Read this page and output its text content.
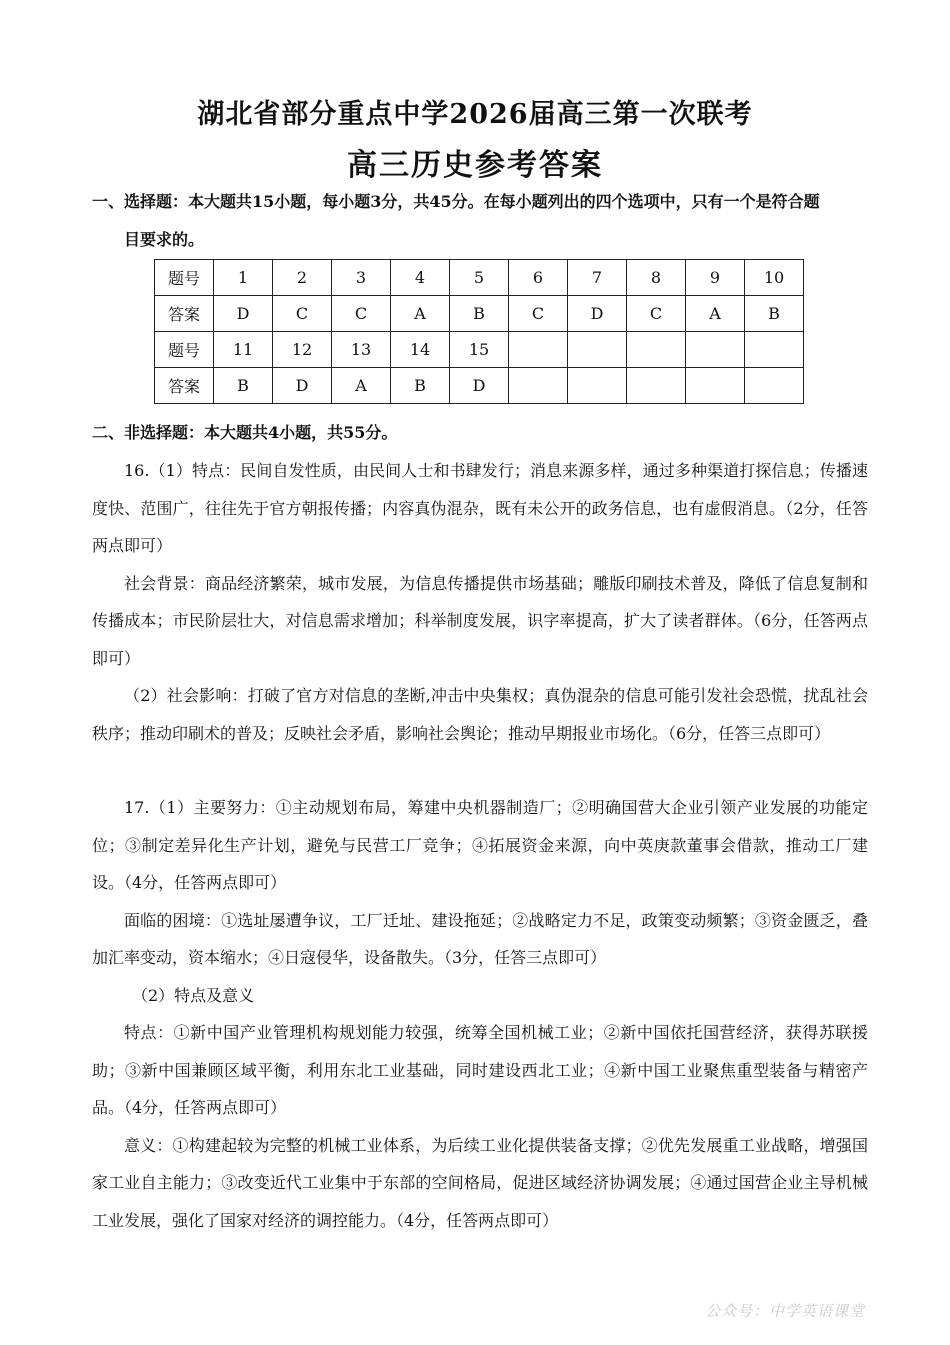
湖北省部分重点中学2026届高三第一次联考
高三历史参考答案
一、选择题：本大题共15小题，每小题3分，共45分。在每小题列出的四个选项中，只有一个是符合题
目要求的。
题号	1	2	3	4	5	6	7	8	9	10
答案	D	C	C	A	B	C	D	C	A	B
题号	11	12	13	14	15					
答案	B	D	A	B	D					
二、非选择题：本大题共4小题，共55分。

16.（1）特点：民间自发性质，由民间人士和书肆发行；消息来源多样，通过多种渠道打探信息；传播速度快、范围广，往往先于官方朝报传播；内容真伪混杂，既有未公开的政务信息，也有虚假消息。（2分，任答两点即可）

社会背景：商品经济繁荣，城市发展，为信息传播提供市场基础；雕版印刷技术普及，降低了信息复制和传播成本；市民阶层壮大，对信息需求增加；科举制度发展，识字率提高，扩大了读者群体。（6分，任答两点即可）

（2）社会影响：打破了官方对信息的垄断,冲击中央集权；真伪混杂的信息可能引发社会恐慌，扰乱社会秩序；推动印刷术的普及；反映社会矛盾，影响社会舆论；推动早期报业市场化。（6分，任答三点即可）

17.（1）主要努力：①主动规划布局，筹建中央机器制造厂；②明确国营大企业引领产业发展的功能定位；③制定差异化生产计划，避免与民营工厂竞争；④拓展资金来源，向中英庚款董事会借款，推动工厂建设。（4分，任答两点即可）

面临的困境：①选址屡遭争议，工厂迁址、建设拖延；②战略定力不足，政策变动频繁；③资金匮乏，叠加汇率变动，资本缩水；④日寇侵华，设备散失。（3分，任答三点即可）

（2）特点及意义

特点：①新中国产业管理机构规划能力较强，统筹全国机械工业；②新中国依托国营经济，获得苏联援助；③新中国兼顾区域平衡，利用东北工业基础，同时建设西北工业；④新中国工业聚焦重型装备与精密产品。（4分，任答两点即可）

意义：①构建起较为完整的机械工业体系，为后续工业化提供装备支撑；②优先发展重工业战略，增强国家工业自主能力；③改变近代工业集中于东部的空间格局，促进区域经济协调发展；④通过国营企业主导机械工业发展，强化了国家对经济的调控能力。（4分，任答两点即可）

公众号：中学英语课堂
